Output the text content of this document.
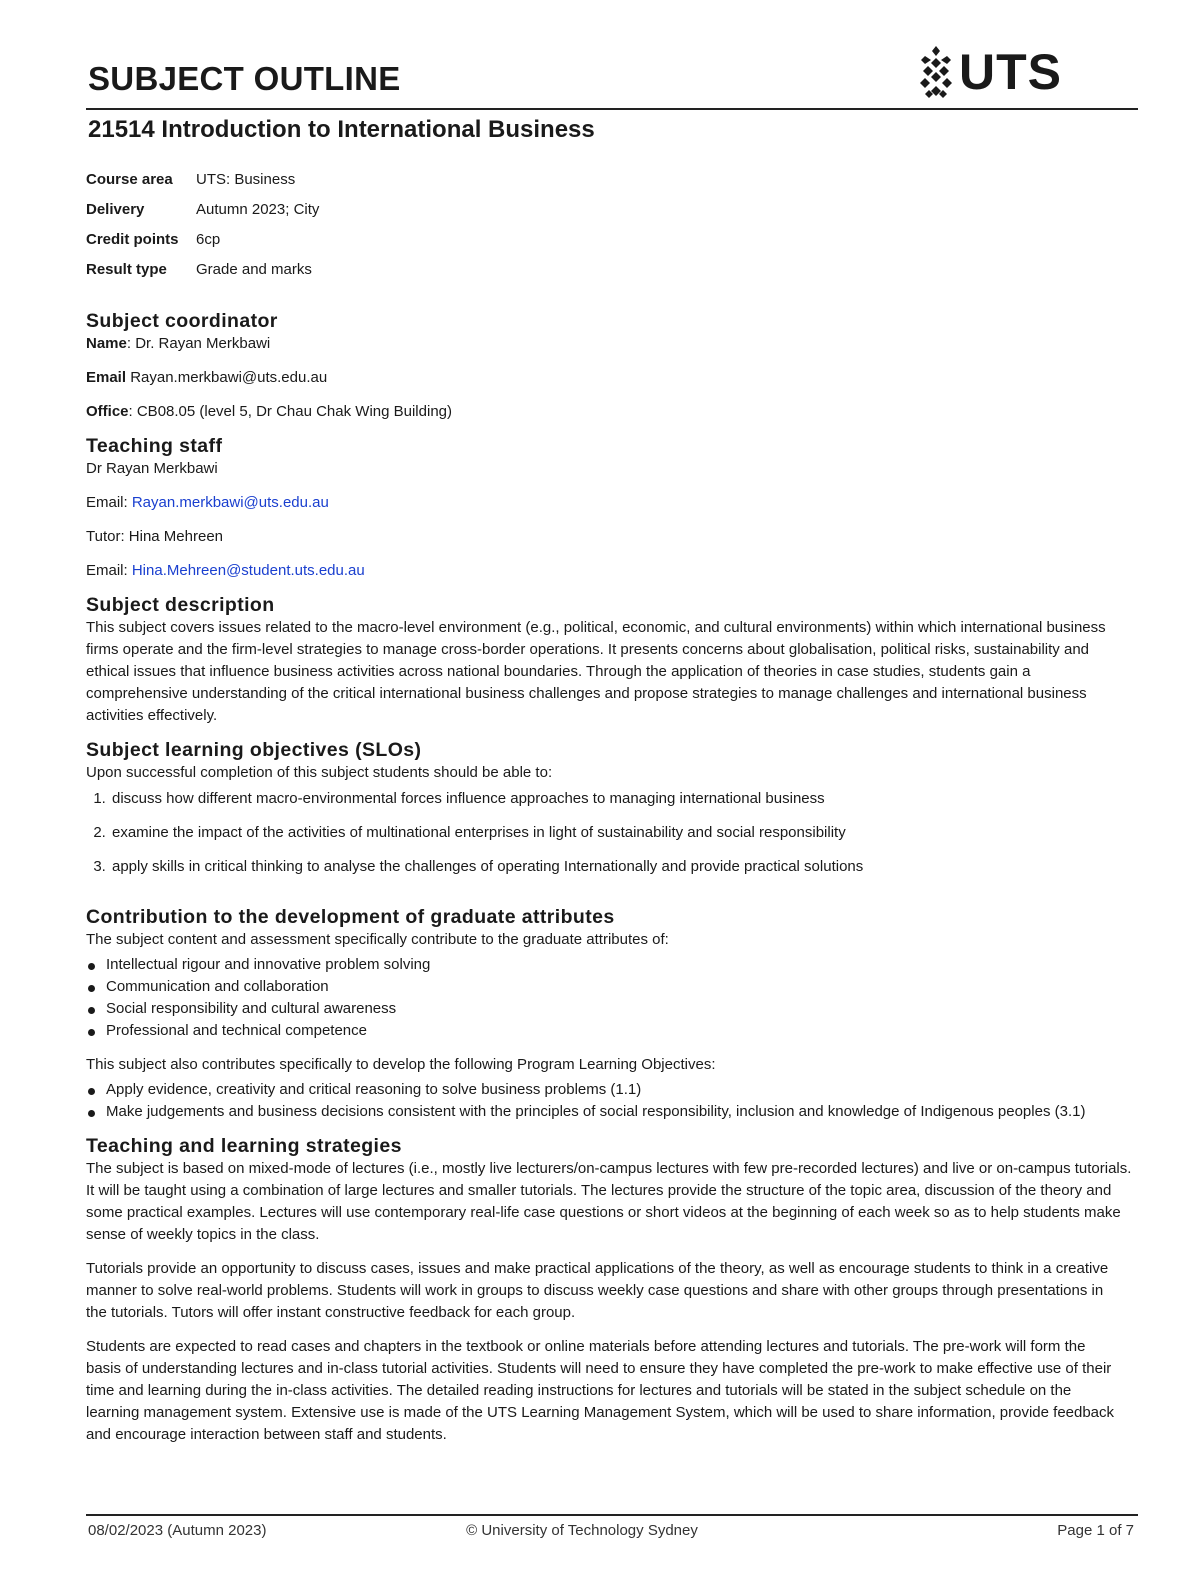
SUBJECT OUTLINE	UTS
21514 Introduction to International Business
Course area	UTS: Business
Delivery	Autumn 2023; City
Credit points	6cp
Result type	Grade and marks
Subject coordinator

Name: Dr. Rayan Merkbawi

Email Rayan.merkbawi@uts.edu.au

Office: CB08.05 (level 5, Dr Chau Chak Wing Building)

Teaching staff

Dr Rayan Merkbawi

Email: Rayan.merkbawi@uts.edu.au

Tutor: Hina Mehreen

Email: Hina.Mehreen@student.uts.edu.au

Subject description

This subject covers issues related to the macro-level environment (e.g., political, economic, and cultural environments) within which international business firms operate and the firm-level strategies to manage cross-border operations. It presents concerns about globalisation, political risks, sustainability and ethical issues that influence business activities across national boundaries. Through the application of theories in case studies, students gain a comprehensive understanding of the critical international business challenges and propose strategies to manage challenges and international business activities effectively.

Subject learning objectives (SLOs)

Upon successful completion of this subject students should be able to:

1. discuss how different macro-environmental forces influence approaches to managing international business
2. examine the impact of the activities of multinational enterprises in light of sustainability and social responsibility
3. apply skills in critical thinking to analyse the challenges of operating Internationally and provide practical solutions
Contribution to the development of graduate attributes

The subject content and assessment specifically contribute to the graduate attributes of:

Intellectual rigour and innovative problem solving
Communication and collaboration
Social responsibility and cultural awareness
Professional and technical competence

This subject also contributes specifically to develop the following Program Learning Objectives:

Apply evidence, creativity and critical reasoning to solve business problems (1.1)
Make judgements and business decisions consistent with the principles of social responsibility, inclusion and knowledge of Indigenous peoples (3.1)
Teaching and learning strategies

The subject is based on mixed-mode of lectures (i.e., mostly live lecturers/on-campus lectures with few pre-recorded lectures) and live or on-campus tutorials. It will be taught using a combination of large lectures and smaller tutorials. The lectures provide the structure of the topic area, discussion of the theory and some practical examples. Lectures will use contemporary real-life case questions or short videos at the beginning of each week so as to help students make sense of weekly topics in the class.

Tutorials provide an opportunity to discuss cases, issues and make practical applications of the theory, as well as encourage students to think in a creative manner to solve real-world problems. Students will work in groups to discuss weekly case questions and share with other groups through presentations in the tutorials. Tutors will offer instant constructive feedback for each group.

Students are expected to read cases and chapters in the textbook or online materials before attending lectures and tutorials. The pre-work will form the basis of understanding lectures and in-class tutorial activities. Students will need to ensure they have completed the pre-work to make effective use of their time and learning during the in-class activities. The detailed reading instructions for lectures and tutorials will be stated in the subject schedule on the learning management system. Extensive use is made of the UTS Learning Management System, which will be used to share information, provide feedback and encourage interaction between staff and students.

08/02/2023 (Autumn 2023)	© University of Technology Sydney	Page 1 of 7
